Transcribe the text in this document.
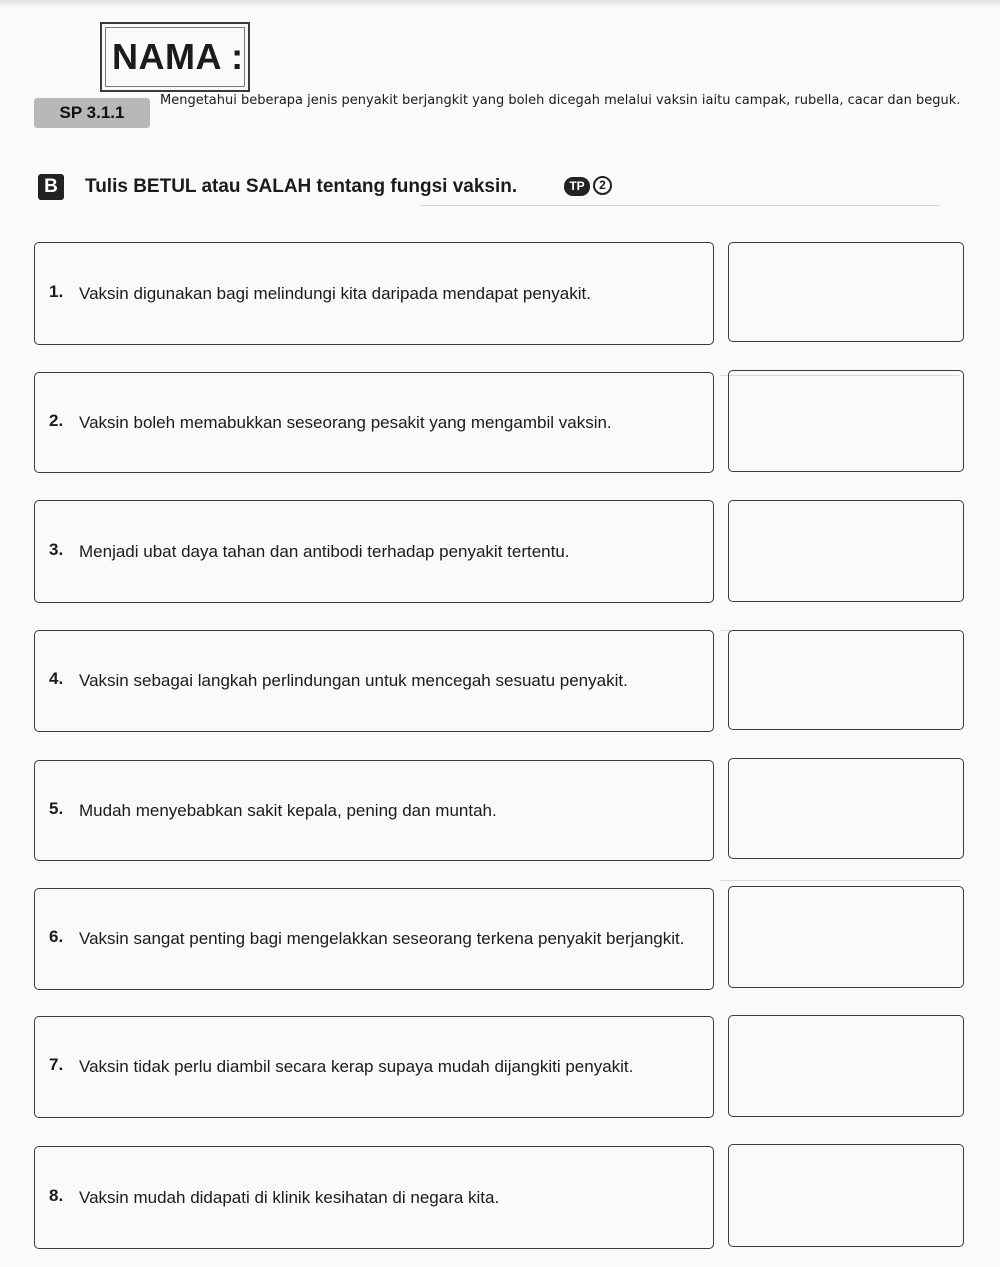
NAMA :
SP 3.1.1
Mengetahui beberapa jenis penyakit berjangkit yang boleh dicegah melalui vaksin iaitu campak, rubella, cacar dan beguk.
B	Tulis BETUL atau SALAH tentang fungsi vaksin.	TP	2
1. Vaksin digunakan bagi melindungi kita daripada mendapat penyakit.
2. Vaksin boleh memabukkan seseorang pesakit yang mengambil vaksin.
3. Menjadi ubat daya tahan dan antibodi terhadap penyakit tertentu.
4. Vaksin sebagai langkah perlindungan untuk mencegah sesuatu penyakit.
5. Mudah menyebabkan sakit kepala, pening dan muntah.
6. Vaksin sangat penting bagi mengelakkan seseorang terkena penyakit berjangkit.
7. Vaksin tidak perlu diambil secara kerap supaya mudah dijangkiti penyakit.
8. Vaksin mudah didapati di klinik kesihatan di negara kita.
